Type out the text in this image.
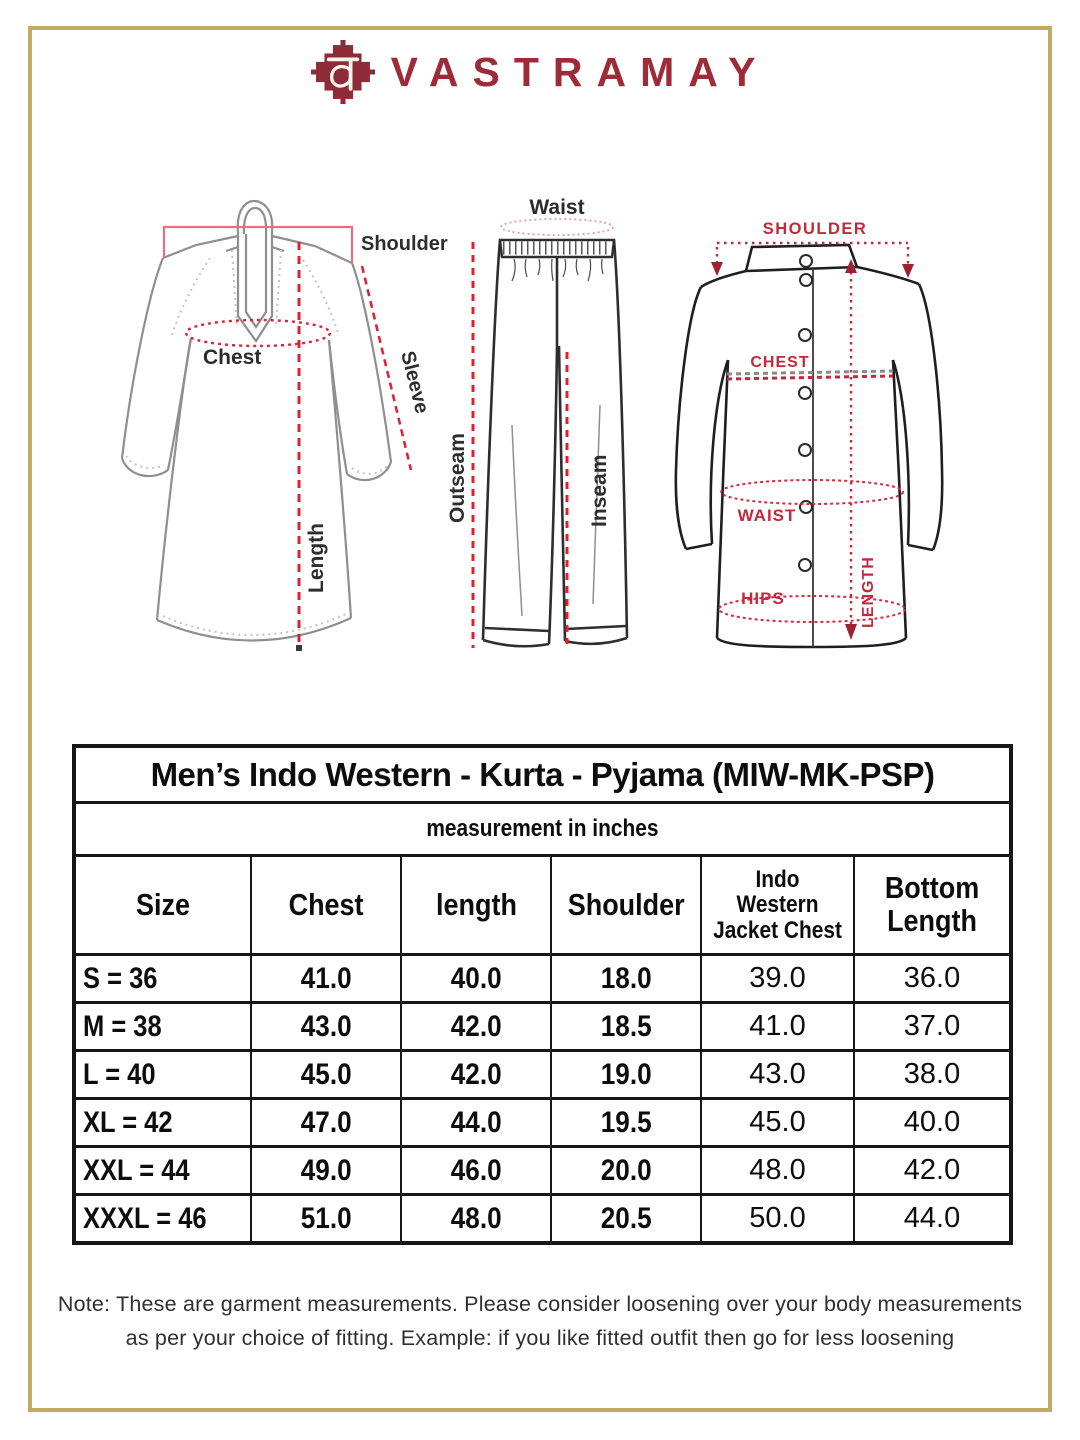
VASTRAMAY
Shoulder
Chest	Sleeve
Length
Waist
Outseam	Inseam
SHOULDER
CHEST
WAIST
HIPS	LENGTH
Men’s Indo Western - Kurta - Pyjama (MIW-MK-PSP)					
measurement in inches					
Size	Chest	length	Shoulder	Indo Western Jacket Chest	Bottom Length
S = 36	41.0	40.0	18.0	39.0	36.0
M = 38	43.0	42.0	18.5	41.0	37.0
L = 40	45.0	42.0	19.0	43.0	38.0
XL = 42	47.0	44.0	19.5	45.0	40.0
XXL = 44	49.0	46.0	20.0	48.0	42.0
XXXL = 46	51.0	48.0	20.5	50.0	44.0
Note: These are garment measurements. Please consider loosening over your body measurements
as per your choice of fitting. Example: if you like fitted outfit then go for less loosening
